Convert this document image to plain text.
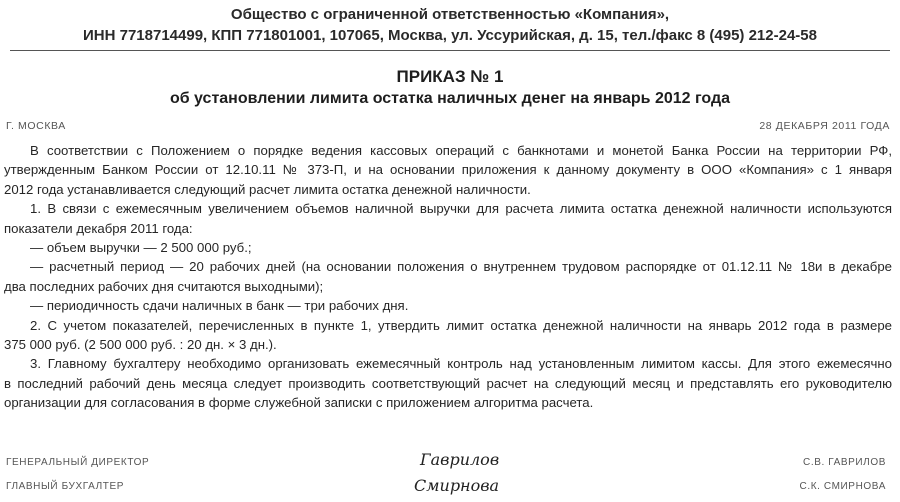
Общество с ограниченной ответственностью «Компания»,
ИНН 7718714499, КПП 771801001, 107065, Москва, ул. Уссурийская, д. 15, тел./факс 8 (495) 212-24-58
ПРИКАЗ № 1
об установлении лимита остатка наличных денег на январь 2012 года
Г. МОСКВА	28 ДЕКАБРЯ 2011 ГОДА
В соответствии с Положением о порядке ведения кассовых операций с банкнотами и монетой Банка России на территории РФ,
утвержденным Банком России от 12.10.11 № 373-П, и на основании приложения к данному документу в ООО «Компания» с 1 января
2012 года устанавливается следующий расчет лимита остатка денежной наличности.
1. В связи с ежемесячным увеличением объемов наличной выручки для расчета лимита остатка денежной наличности используются
показатели декабря 2011 года:
— объем выручки — 2 500 000 руб.;
— расчетный период — 20 рабочих дней (на основании положения о внутреннем трудовом распорядке от 01.12.11 № 18и в декабре
два последних рабочих дня считаются выходными);
— периодичность сдачи наличных в банк — три рабочих дня.
2. С учетом показателей, перечисленных в пункте 1, утвердить лимит остатка денежной наличности на январь 2012 года в размере
375 000 руб. (2 500 000 руб. : 20 дн. × 3 дн.).
3. Главному бухгалтеру необходимо организовать ежемесячный контроль над установленным лимитом кассы. Для этого ежемесячно
в последний рабочий день месяца следует производить соответствующий расчет на следующий месяц и представлять его руководителю
организации для согласования в форме служебной записки с приложением алгоритма расчета.
ГЕНЕРАЛЬНЫЙ ДИРЕКТОР	Гаврилов	С.В. ГАВРИЛОВ
ГЛАВНЫЙ БУХГАЛТЕР	Смирнова	С.К. СМИРНОВА
